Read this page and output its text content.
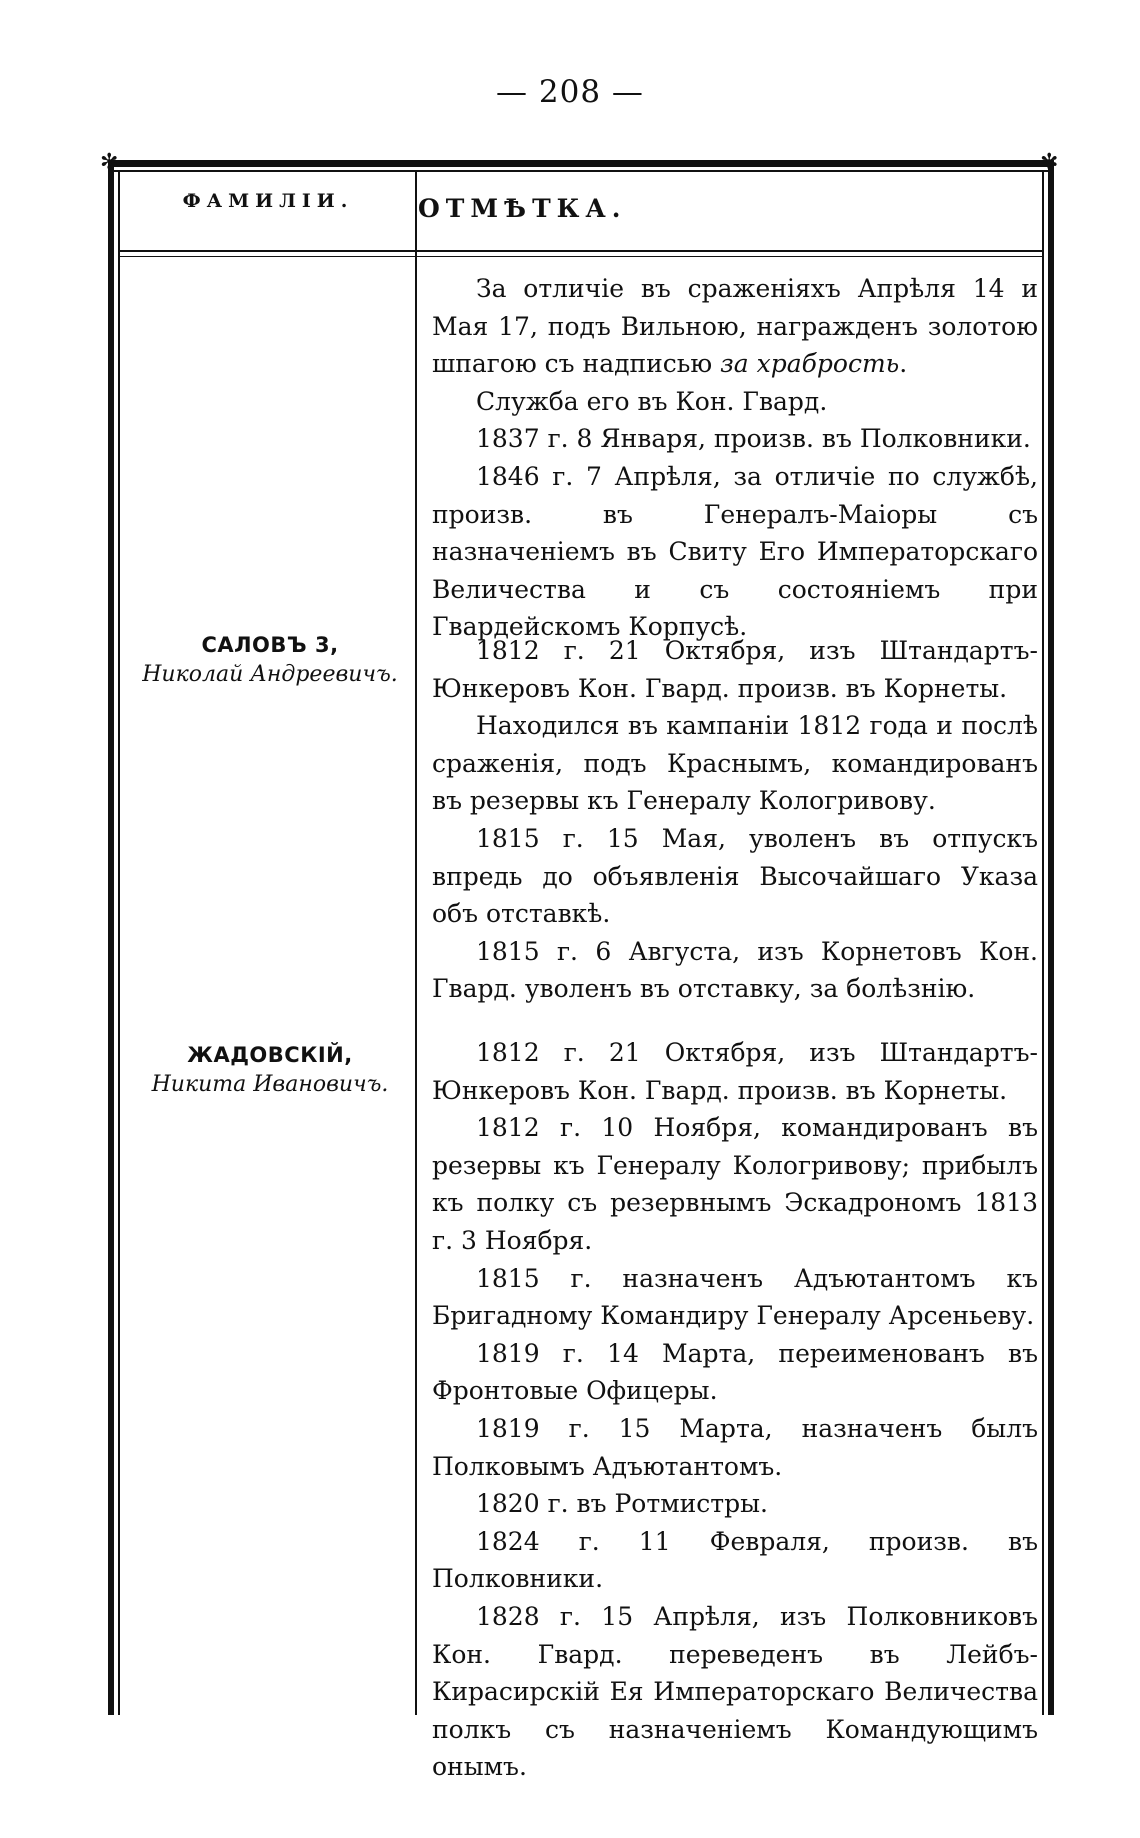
— 208 —
✻	✻
ФАМИЛІИ.	ОТМѢТКА.

За отличіе въ сраженіяхъ Апрѣля 14 и Мая 17, подъ Вильною, награжденъ золотою шпагою съ надписью за храбрость.

Служба его въ Кон. Гвард.

1837 г. 8 Января, произв. въ Полковники.

1846 г. 7 Апрѣля, за отличіе по службѣ, произв. въ Генералъ-Маіоры съ назначеніемъ въ Свиту Его Императорскаго Величества и съ состояніемъ при Гвардейскомъ Корпусѣ.

САЛОВЪ 3,
Николай Андреевичъ.

1812 г. 21 Октября, изъ Штандартъ-Юнкеровъ Кон. Гвард. произв. въ Корнеты.

Находился въ кампаніи 1812 года и послѣ сраженія, подъ Краснымъ, командированъ въ резервы къ Генералу Кологривову.

1815 г. 15 Мая, уволенъ въ отпускъ впредь до объявленія Высочайшаго Указа объ отставкѣ.

1815 г. 6 Августа, изъ Корнетовъ Кон. Гвард. уволенъ въ отставку, за болѣзнію.

ЖАДОВСКІЙ,
Никита Ивановичъ.

1812 г. 21 Октября, изъ Штандартъ-Юнкеровъ Кон. Гвард. произв. въ Корнеты.

1812 г. 10 Ноября, командированъ въ резервы къ Генералу Кологривову; прибылъ къ полку съ резервнымъ Эскадрономъ 1813 г. 3 Ноября.

1815 г. назначенъ Адъютантомъ къ Бригадному Командиру Генералу Арсеньеву.

1819 г. 14 Марта, переименованъ въ Фронтовые Офицеры.

1819 г. 15 Марта, назначенъ былъ Полковымъ Адъютантомъ.

1820 г. въ Ротмистры.

1824 г. 11 Февраля, произв. въ Полковники.

1828 г. 15 Апрѣля, изъ Полковниковъ Кон. Гвард. переведенъ въ Лейбъ-Кирасирскій Ея Императорскаго Величества полкъ съ назначеніемъ Командующимъ онымъ.
